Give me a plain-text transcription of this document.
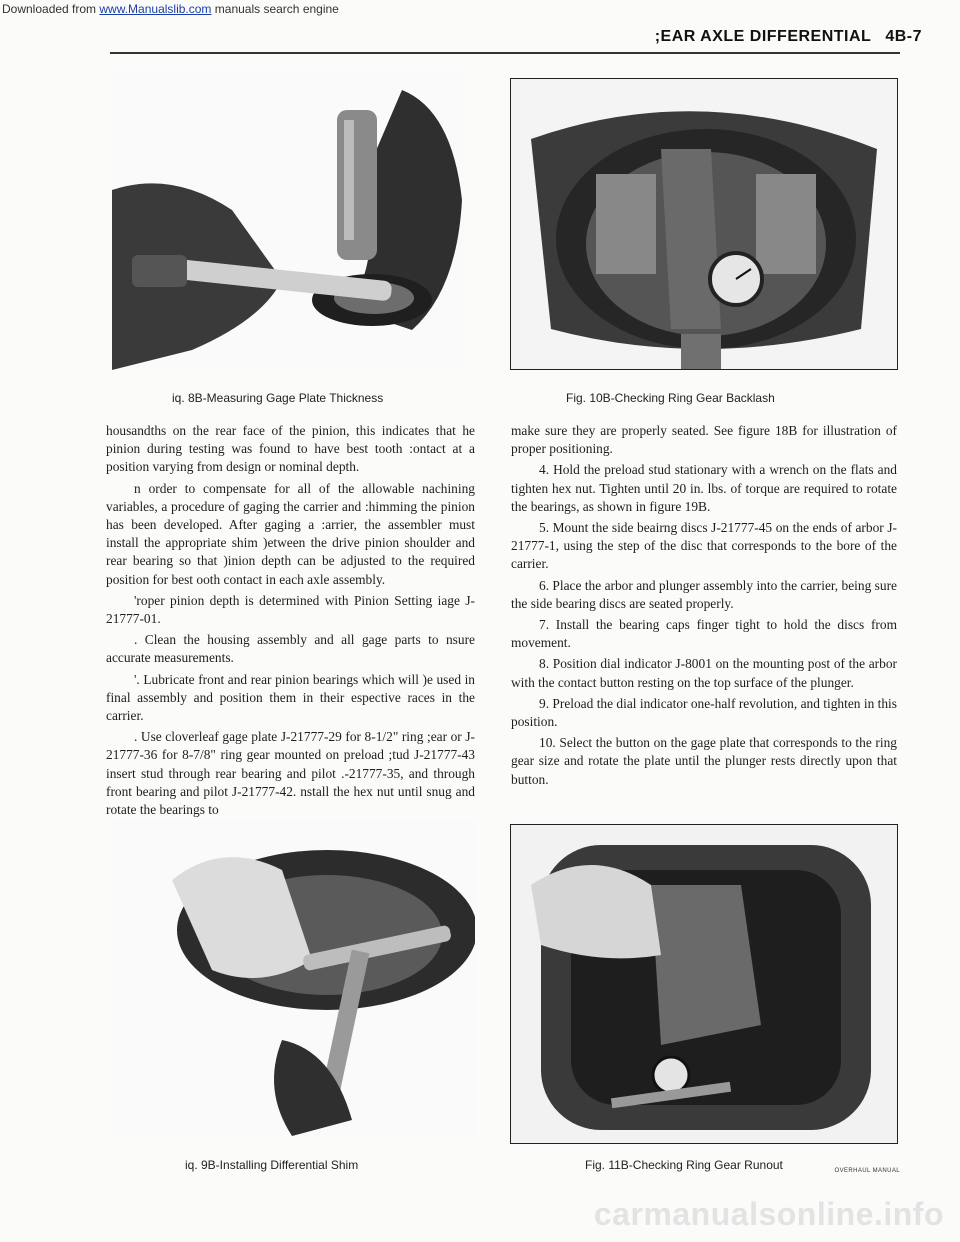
Downloaded from www.Manualslib.com manuals search engine
;EAR AXLE DIFFERENTIAL 4B-7
iq. 8B-Measuring Gage Plate Thickness	Fig. 10B-Checking Ring Gear Backlash

housandths on the rear face of the pinion, this indicates that he pinion during testing was found to have best tooth :ontact at a position varying from design or nominal depth.

n order to compensate for all of the allowable nachining variables, a procedure of gaging the carrier and :himming the pinion has been developed. After gaging a :arrier, the assembler must install the appropriate shim )etween the drive pinion shoulder and rear bearing so that )inion depth can be adjusted to the required position for best ooth contact in each axle assembly.

'roper pinion depth is determined with Pinion Setting iage J-21777-01.

. Clean the housing assembly and all gage parts to nsure accurate measurements.

'. Lubricate front and rear pinion bearings which will )e used in final assembly and position them in their espective races in the carrier.

. Use cloverleaf gage plate J-21777-29 for 8-1/2" ring ;ear or J-21777-36 for 8-7/8" ring gear mounted on preload ;tud J-21777-43 insert stud through rear bearing and pilot .-21777-35, and through front bearing and pilot J-21777-42. nstall the hex nut until snug and rotate the bearings to

make sure they are properly seated. See figure 18B for illustration of proper positioning.

4. Hold the preload stud stationary with a wrench on the flats and tighten hex nut. Tighten until 20 in. lbs. of torque are required to rotate the bearings, as shown in figure 19B.

5. Mount the side beairng discs J-21777-45 on the ends of arbor J-21777-1, using the step of the disc that corresponds to the bore of the carrier.

6. Place the arbor and plunger assembly into the carrier, being sure the side bearing discs are seated properly.

7. Install the bearing caps finger tight to hold the discs from movement.

8. Position dial indicator J-8001 on the mounting post of the arbor with the contact button resting on the top surface of the plunger.

9. Preload the dial indicator one-half revolution, and tighten in this position.

10. Select the button on the gage plate that corresponds to the ring gear size and rotate the plate until the plunger rests directly upon that button.

iq. 9B-Installing Differential Shim	Fig. 11B-Checking Ring Gear Runout	OVERHAUL MANUAL
carmanualsonline.info
